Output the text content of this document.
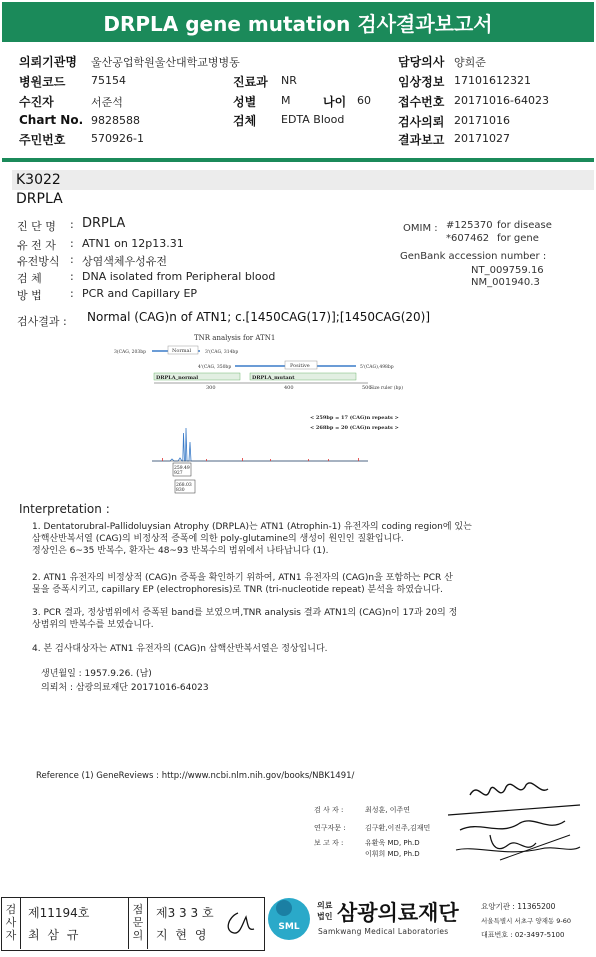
DRPLA gene mutation 검사결과보고서
의뢰기관명 울산공업학원울산대학교병병동	담당의사 양희준
병원코드 75154	진료과 NR	임상정보 17101612321
수진자	서준석	성별 M	나이 60 접수번호 20171016-64023
Chart No. 9828588	검체 EDTA Blood	검사의뢰 20171016
주민번호 570926-1	결과보고 20171027
K3022
DRPLA
진 단 명 : DRPLA
유 전 자 : ATN1 on 12p13.31
유전방식 : 상염색체우성유전
검 체	: DNA isolated from Peripheral blood
방 법	: PCR and Capillary EP
OMIM : #125370 for disease
*607462 for gene
GenBank accession number :
NT_009759.16
NM_001940.3
검사결과 : Normal (CAG)n of ATN1; c.[1450CAG(17)];[1450CAG(20)]
TNR analysis for ATN1
3(CAG, 203bp	Normal	3'(CAG, 314bp
4'(CAG, 350bp	Positive	5'(CAG),498bp
DRPLA_normal	DRPLA_mutant
300	400	500
Size ruler (bp)
< 259bp = 17 (CAG)n repeats >
< 268bp = 20 (CAG)n repeats >
259.49
927
268.03
830
Interpretation :
1. Dentatorubral-Pallidoluysian Atrophy (DRPLA)는 ATN1 (Atrophin-1) 유전자의 coding region에 있는
삼핵산반복서열 (CAG)의 비정상적 증폭에 의한 poly-glutamine의 생성이 원인인 질환입니다.
정상인은 6~35 반복수, 환자는 48~93 반복수의 범위에서 나타납니다 (1).
2. ATN1 유전자의 비정상적 (CAG)n 증폭을 확인하기 위하여, ATN1 유전자의 (CAG)n을 포함하는 PCR 산
물을 증폭시키고, capillary EP (electrophoresis)로 TNR (tri-nucleotide repeat) 분석을 하였습니다.
3. PCR 결과, 정상범위에서 증폭된 band를 보였으며,TNR analysis 결과 ATN1의 (CAG)n이 17과 20의 정
상범위의 반복수를 보였습니다.
4. 본 검사대상자는 ATN1 유전자의 (CAG)n 삼핵산반복서열은 정상입니다.
생년월일 : 1957.9.26. (남)
의뢰처 : 삼광의료재단 20171016-64023
Reference (1) GeneReviews : http://www.ncbi.nlm.nih.gov/books/NBK1491/
검 사 자 :	최성훈, 이주연
연구자문 :	김구환,이진주,김재민
보 고 자 :	유환욱 MD, Ph.D
이휘희 MD, Ph.D
검사자
제11194호
최 삼 규
점문의
제3 3 3 호
지 현 영
SML
의료
법인 삼광의료재단
Samkwang Medical Laboratories
요양기관 : 11365200
서울특별시 서초구 양재동 9-60
대표번호 : 02-3497-5100
